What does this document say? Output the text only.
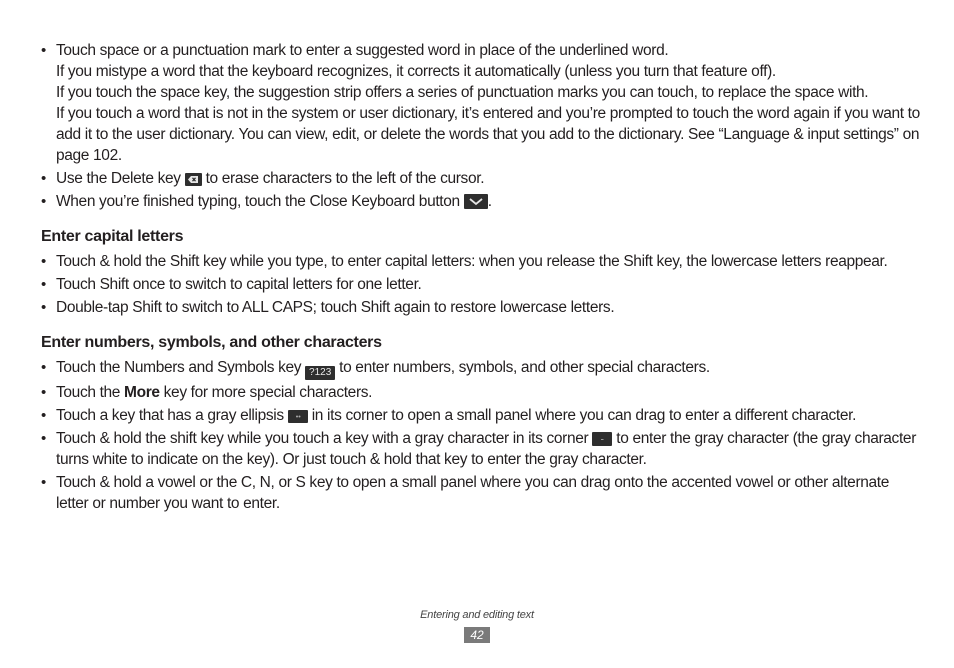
• Touch space or a punctuation mark to enter a suggested word in place of the underlined word.

If you mistype a word that the keyboard recognizes, it corrects it automatically (unless you turn that feature off).

If you touch the space key, the suggestion strip offers a series of punctuation marks you can touch, to replace the space with.

If you touch a word that is not in the system or user dictionary, it’s entered and you’re prompted to touch the word again if you want to add it to the user dictionary. You can view, edit, or delete the words that you add to the dictionary. See “Language & input settings” on page 102.

• Use the Delete key to erase characters to the left of the cursor.
• When you’re finished typing, touch the Close Keyboard button .
Enter capital letters
• Touch & hold the Shift key while you type, to enter capital letters: when you release the Shift key, the lowercase letters reappear.
• Touch Shift once to switch to capital letters for one letter.
• Double-tap Shift to switch to ALL CAPS; touch Shift again to restore lowercase letters.
Enter numbers, symbols, and other characters
• Touch the Numbers and Symbols key ?123 to enter numbers, symbols, and other special characters.
• Touch the More key for more special characters.
• Touch a key that has a gray ellipsis in its corner to open a small panel where you can drag to enter a different character.
• Touch & hold the shift key while you touch a key with a gray character in its corner to enter the gray character (the gray character turns white to indicate on the key). Or just touch & hold that key to enter the gray character.
• Touch & hold a vowel or the C, N, or S key to open a small panel where you can drag onto the accented vowel or other alternate letter or number you want to enter.
Entering and editing text
42
